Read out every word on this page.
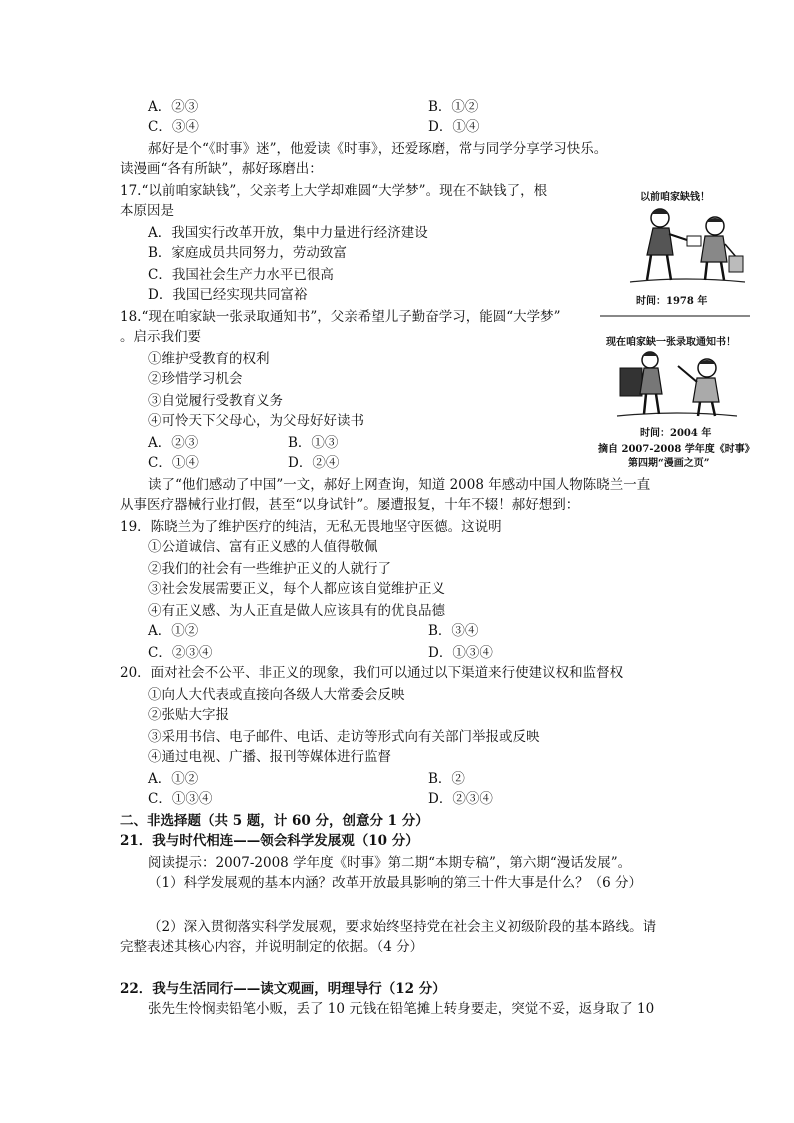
A．②③	B．①②
C．③④	D．①④
郝好是个“《时事》迷”，他爱读《时事》，还爱琢磨，常与同学分享学习快乐。
读漫画“各有所缺”，郝好琢磨出：
17.“以前咱家缺钱”，父亲考上大学却难圆“大学梦”。现在不缺钱了，根
本原因是
A．我国实行改革开放，集中力量进行经济建设
B．家庭成员共同努力，劳动致富
C．我国社会生产力水平已很高
D．我国已经实现共同富裕
18.“现在咱家缺一张录取通知书”，父亲希望儿子勤奋学习，能圆“大学梦”
。启示我们要
①维护受教育的权利
②珍惜学习机会
③自觉履行受教育义务
④可怜天下父母心，为父母好好读书
A．②③	B．①③
C．①④	D．②④
读了“他们感动了中国”一文，郝好上网查询，知道 2008 年感动中国人物陈晓兰一直
从事医疗器械行业打假，甚至“以身试针”。屡遭报复，十年不辍！郝好想到：
19．陈晓兰为了维护医疗的纯洁，无私无畏地坚守医德。这说明
①公道诚信、富有正义感的人值得敬佩
②我们的社会有一些维护正义的人就行了
③社会发展需要正义，每个人都应该自觉维护正义
④有正义感、为人正直是做人应该具有的优良品德
A．①②	B．③④
C．②③④	D．①③④
20．面对社会不公平、非正义的现象，我们可以通过以下渠道来行使建议权和监督权
①向人大代表或直接向各级人大常委会反映
②张贴大字报
③采用书信、电子邮件、电话、走访等形式向有关部门举报或反映
④通过电视、广播、报刊等媒体进行监督
A．①②	B．②
C．①③④	D．②③④
二、非选择题（共 5 题，计 60 分，创意分 1 分）
21．我与时代相连——领会科学发展观（10 分）
阅读提示：2007-2008 学年度《时事》第二期“本期专稿”，第六期“漫话发展”。
（1）科学发展观的基本内涵？改革开放最具影响的第三十件大事是什么？（6 分）
（2）深入贯彻落实科学发展观，要求始终坚持党在社会主义初级阶段的基本路线。请
完整表述其核心内容，并说明制定的依据。（4 分）
22．我与生活同行——读文观画，明理导行（12 分）
张先生怜悯卖铅笔小贩，丢了 10 元钱在铅笔摊上转身要走，突觉不妥，返身取了 10
以前咱家缺钱！
时间：1978 年
现在咱家缺一张录取通知书！
时间：2004 年
摘自 2007-2008 学年度《时事》
第四期“漫画之页”
